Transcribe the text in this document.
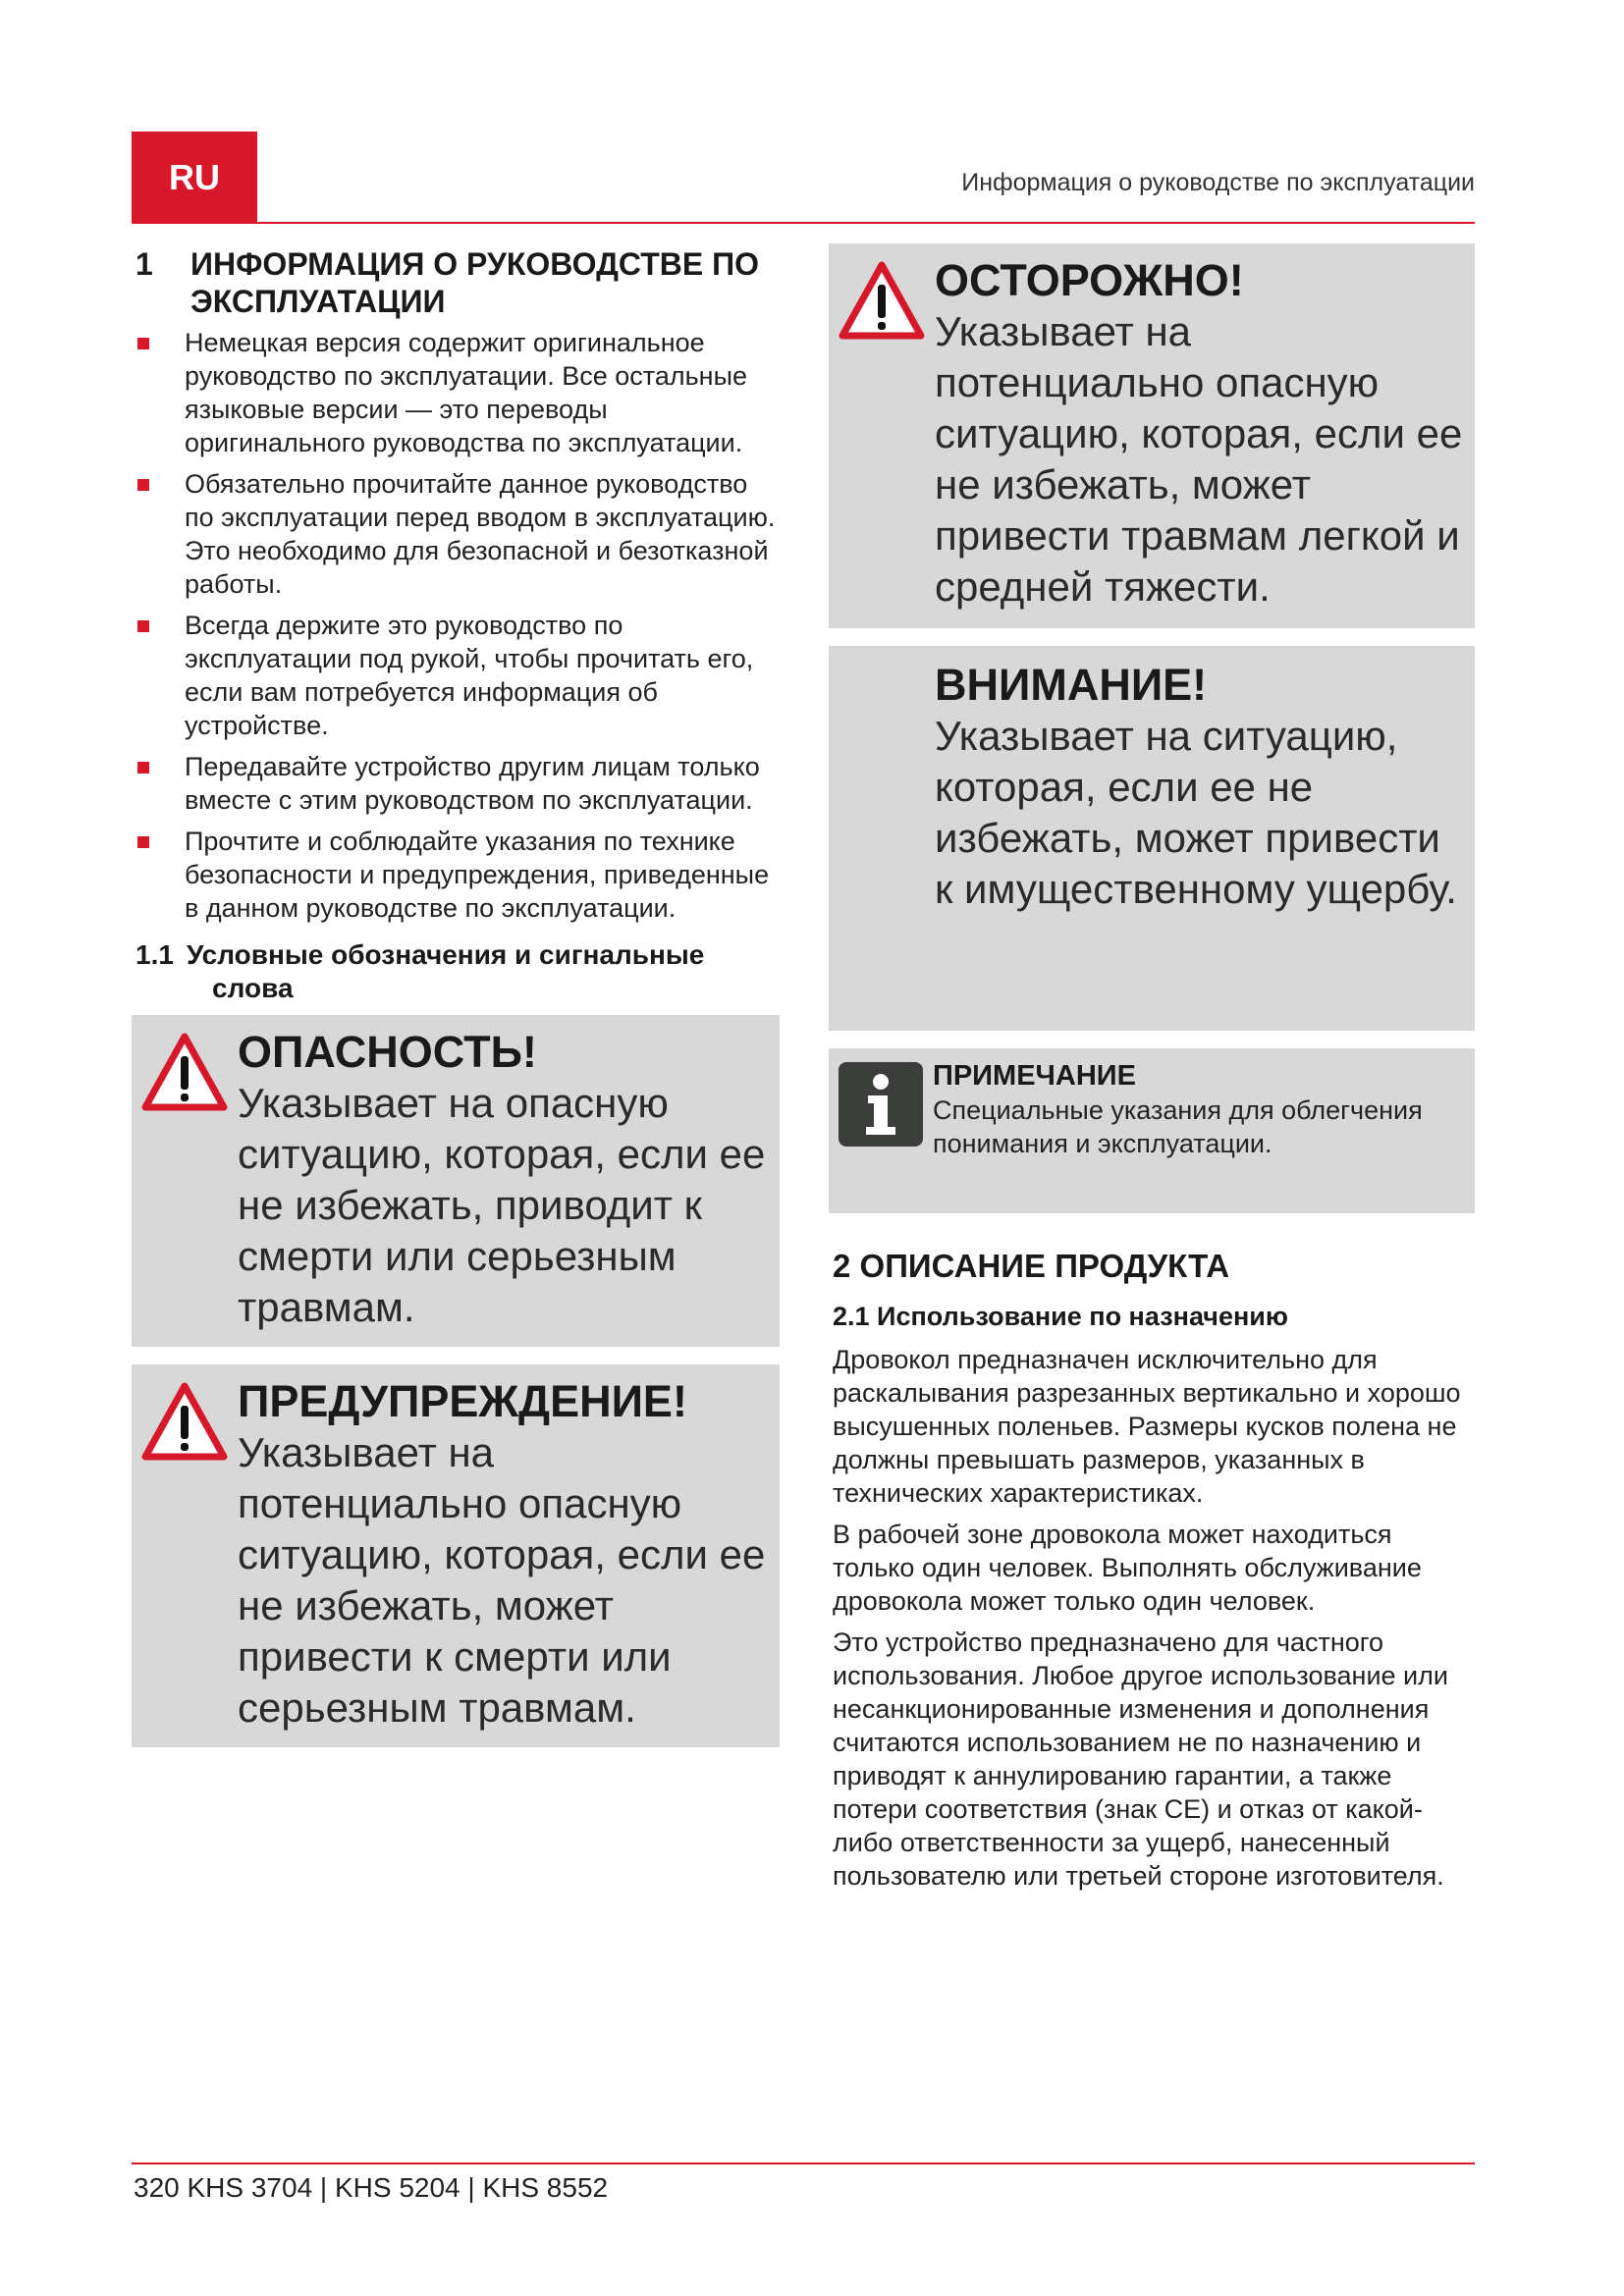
RU	Информация о руководстве по эксплуатации
1 ИНФОРМАЦИЯ О РУКОВОДСТВЕ ПО ЭКСПЛУАТАЦИИ
Немецкая версия содержит оригинальное руководство по эксплуатации. Все остальные языковые версии — это переводы оригинального руководства по эксплуатации.
Обязательно прочитайте данное руководство по эксплуатации перед вводом в эксплуатацию. Это необходимо для безопасной и безотказной работы.
Всегда держите это руководство по эксплуатации под рукой, чтобы прочитать его, если вам потребуется информация об устройстве.
Передавайте устройство другим лицам только вместе с этим руководством по эксплуатации.
Прочтите и соблюдайте указания по технике безопасности и предупреждения, приведенные в данном руководстве по эксплуатации.
1.1 Условные обозначения и сигнальные слова
ОПАСНОСТЬ!
Указывает на опасную ситуацию, которая, если ее не избежать, приводит к смерти или серьезным травмам.
ПРЕДУПРЕЖДЕНИЕ!
Указывает на потенциально опасную ситуацию, которая, если ее не избежать, может привести к смерти или серьезным травмам.
ОСТОРОЖНО!
Указывает на потенциально опасную ситуацию, которая, если ее не избежать, может привести травмам легкой и средней тяжести.
ВНИМАНИЕ!
Указывает на ситуацию, которая, если ее не избежать, может привести к имущественному ущербу.
ПРИМЕЧАНИЕ
Специальные указания для облегчения понимания и эксплуатации.
2 ОПИСАНИЕ ПРОДУКТА
2.1 Использование по назначению

Дровокол предназначен исключительно для раскалывания разрезанных вертикально и хорошо высушенных поленьев. Размеры кусков полена не должны превышать размеров, указанных в технических характеристиках.

В рабочей зоне дровокола может находиться только один человек. Выполнять обслуживание дровокола может только один человек.

Это устройство предназначено для частного использования. Любое другое использование или несанкционированные изменения и дополнения считаются использованием не по назначению и приводят к аннулированию гарантии, а также потери соответствия (знак CE) и отказ от какой-либо ответственности за ущерб, нанесенный пользователю или третьей стороне изготовителя.

320 KHS 3704 | KHS 5204 | KHS 8552
